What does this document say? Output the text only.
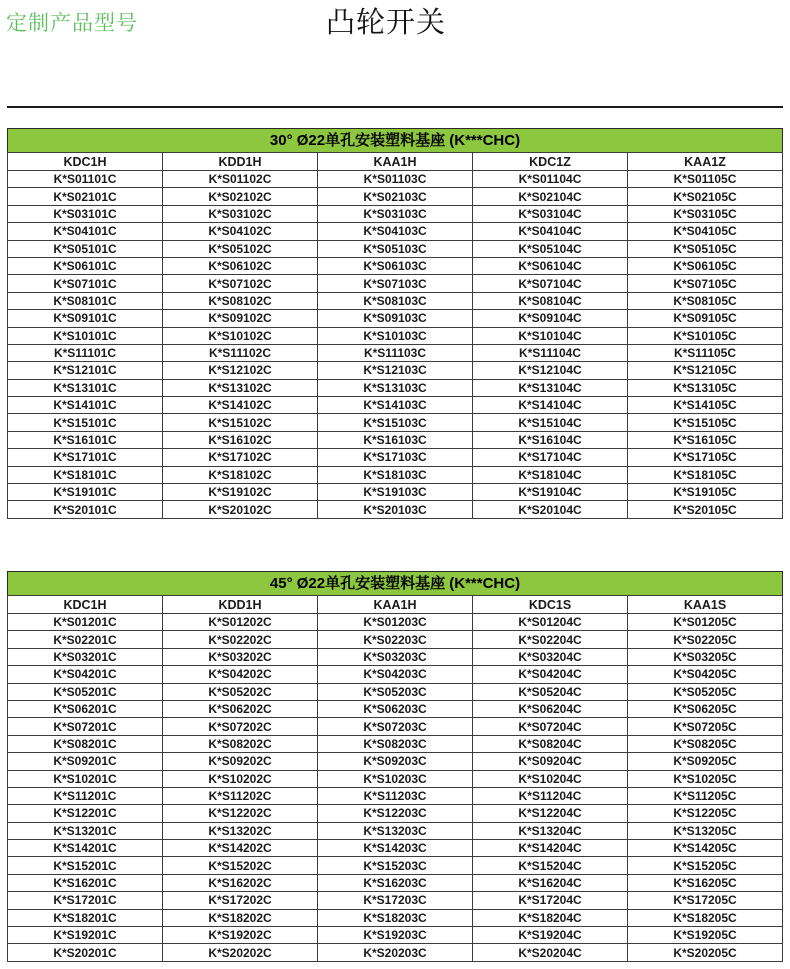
定制产品型号	凸轮开关
30° Ø22单孔安装塑料基座 (K***CHC)
KDC1H	KDD1H	KAA1H	KDC1Z	KAA1Z
K*S01101C	K*S01102C	K*S01103C	K*S01104C	K*S01105C
K*S02101C	K*S02102C	K*S02103C	K*S02104C	K*S02105C
K*S03101C	K*S03102C	K*S03103C	K*S03104C	K*S03105C
K*S04101C	K*S04102C	K*S04103C	K*S04104C	K*S04105C
K*S05101C	K*S05102C	K*S05103C	K*S05104C	K*S05105C
K*S06101C	K*S06102C	K*S06103C	K*S06104C	K*S06105C
K*S07101C	K*S07102C	K*S07103C	K*S07104C	K*S07105C
K*S08101C	K*S08102C	K*S08103C	K*S08104C	K*S08105C
K*S09101C	K*S09102C	K*S09103C	K*S09104C	K*S09105C
K*S10101C	K*S10102C	K*S10103C	K*S10104C	K*S10105C
K*S11101C	K*S11102C	K*S11103C	K*S11104C	K*S11105C
K*S12101C	K*S12102C	K*S12103C	K*S12104C	K*S12105C
K*S13101C	K*S13102C	K*S13103C	K*S13104C	K*S13105C
K*S14101C	K*S14102C	K*S14103C	K*S14104C	K*S14105C
K*S15101C	K*S15102C	K*S15103C	K*S15104C	K*S15105C
K*S16101C	K*S16102C	K*S16103C	K*S16104C	K*S16105C
K*S17101C	K*S17102C	K*S17103C	K*S17104C	K*S17105C
K*S18101C	K*S18102C	K*S18103C	K*S18104C	K*S18105C
K*S19101C	K*S19102C	K*S19103C	K*S19104C	K*S19105C
K*S20101C	K*S20102C	K*S20103C	K*S20104C	K*S20105C
45° Ø22单孔安装塑料基座 (K***CHC)
KDC1H	KDD1H	KAA1H	KDC1S	KAA1S
K*S01201C	K*S01202C	K*S01203C	K*S01204C	K*S01205C
K*S02201C	K*S02202C	K*S02203C	K*S02204C	K*S02205C
K*S03201C	K*S03202C	K*S03203C	K*S03204C	K*S03205C
K*S04201C	K*S04202C	K*S04203C	K*S04204C	K*S04205C
K*S05201C	K*S05202C	K*S05203C	K*S05204C	K*S05205C
K*S06201C	K*S06202C	K*S06203C	K*S06204C	K*S06205C
K*S07201C	K*S07202C	K*S07203C	K*S07204C	K*S07205C
K*S08201C	K*S08202C	K*S08203C	K*S08204C	K*S08205C
K*S09201C	K*S09202C	K*S09203C	K*S09204C	K*S09205C
K*S10201C	K*S10202C	K*S10203C	K*S10204C	K*S10205C
K*S11201C	K*S11202C	K*S11203C	K*S11204C	K*S11205C
K*S12201C	K*S12202C	K*S12203C	K*S12204C	K*S12205C
K*S13201C	K*S13202C	K*S13203C	K*S13204C	K*S13205C
K*S14201C	K*S14202C	K*S14203C	K*S14204C	K*S14205C
K*S15201C	K*S15202C	K*S15203C	K*S15204C	K*S15205C
K*S16201C	K*S16202C	K*S16203C	K*S16204C	K*S16205C
K*S17201C	K*S17202C	K*S17203C	K*S17204C	K*S17205C
K*S18201C	K*S18202C	K*S18203C	K*S18204C	K*S18205C
K*S19201C	K*S19202C	K*S19203C	K*S19204C	K*S19205C
K*S20201C	K*S20202C	K*S20203C	K*S20204C	K*S20205C
